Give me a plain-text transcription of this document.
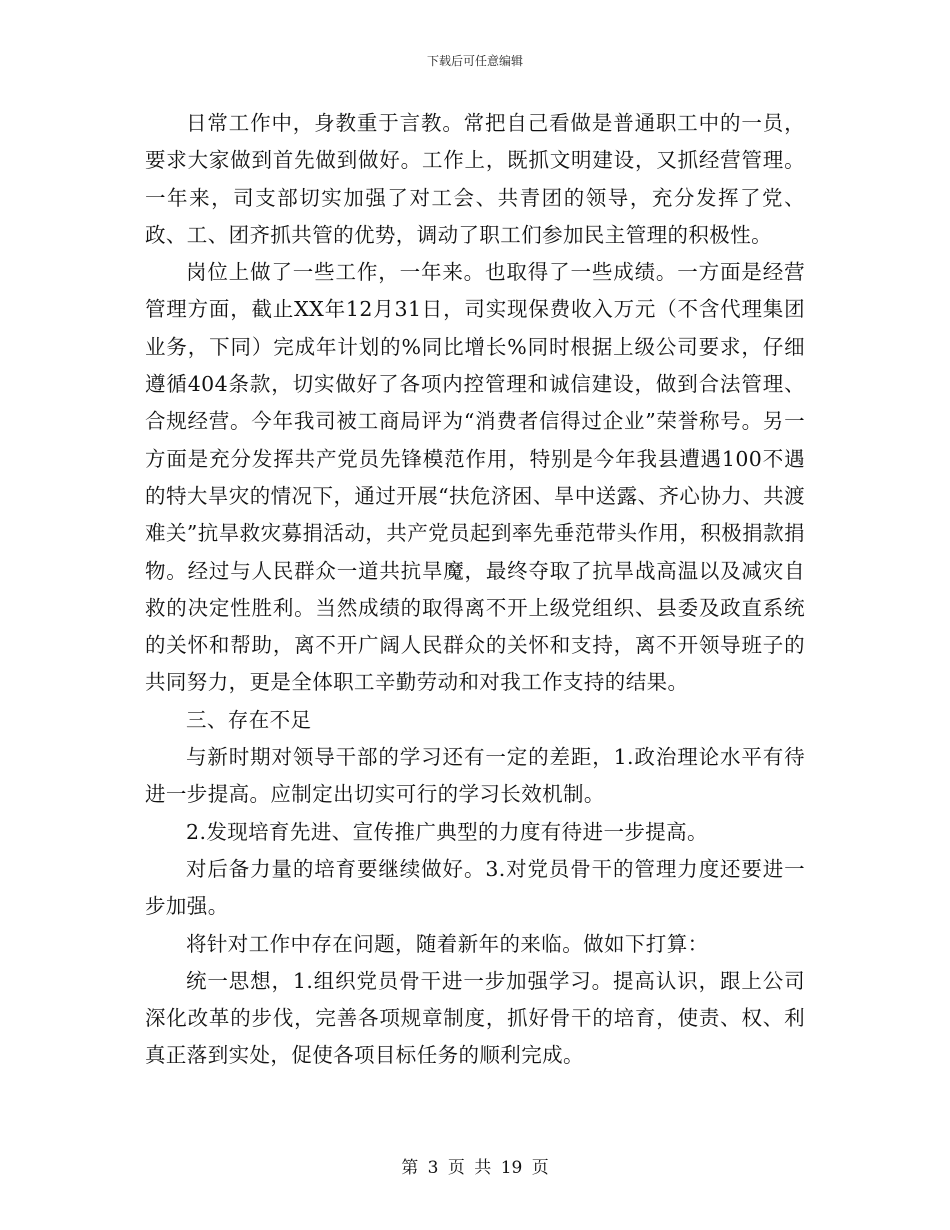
下载后可任意编辑

日常工作中，身教重于言教。常把自己看做是普通职工中的一员，要求大家做到首先做到做好。工作上，既抓文明建设，又抓经营管理。一年来，司支部切实加强了对工会、共青团的领导，充分发挥了党、政、工、团齐抓共管的优势，调动了职工们参加民主管理的积极性。

岗位上做了一些工作，一年来。也取得了一些成绩。一方面是经营管理方面，截止XX年12月31日，司实现保费收入万元（不含代理集团业务，下同）完成年计划的%同比增长%同时根据上级公司要求，仔细遵循404条款，切实做好了各项内控管理和诚信建设，做到合法管理、合规经营。今年我司被工商局评为“消费者信得过企业”荣誉称号。另一方面是充分发挥共产党员先锋模范作用，特别是今年我县遭遇100不遇的特大旱灾的情况下，通过开展“扶危济困、旱中送露、齐心协力、共渡难关”抗旱救灾募捐活动，共产党员起到率先垂范带头作用，积极捐款捐物。经过与人民群众一道共抗旱魔，最终夺取了抗旱战高温以及减灾自救的决定性胜利。当然成绩的取得离不开上级党组织、县委及政直系统的关怀和帮助，离不开广阔人民群众的关怀和支持，离不开领导班子的共同努力，更是全体职工辛勤劳动和对我工作支持的结果。

三、存在不足

与新时期对领导干部的学习还有一定的差距，1.政治理论水平有待进一步提高。应制定出切实可行的学习长效机制。

2.发现培育先进、宣传推广典型的力度有待进一步提高。

对后备力量的培育要继续做好。3.对党员骨干的管理力度还要进一步加强。

将针对工作中存在问题，随着新年的来临。做如下打算：

统一思想，1.组织党员骨干进一步加强学习。提高认识，跟上公司深化改革的步伐，完善各项规章制度，抓好骨干的培育，使责、权、利真正落到实处，促使各项目标任务的顺利完成。

第 3 页 共 19 页
